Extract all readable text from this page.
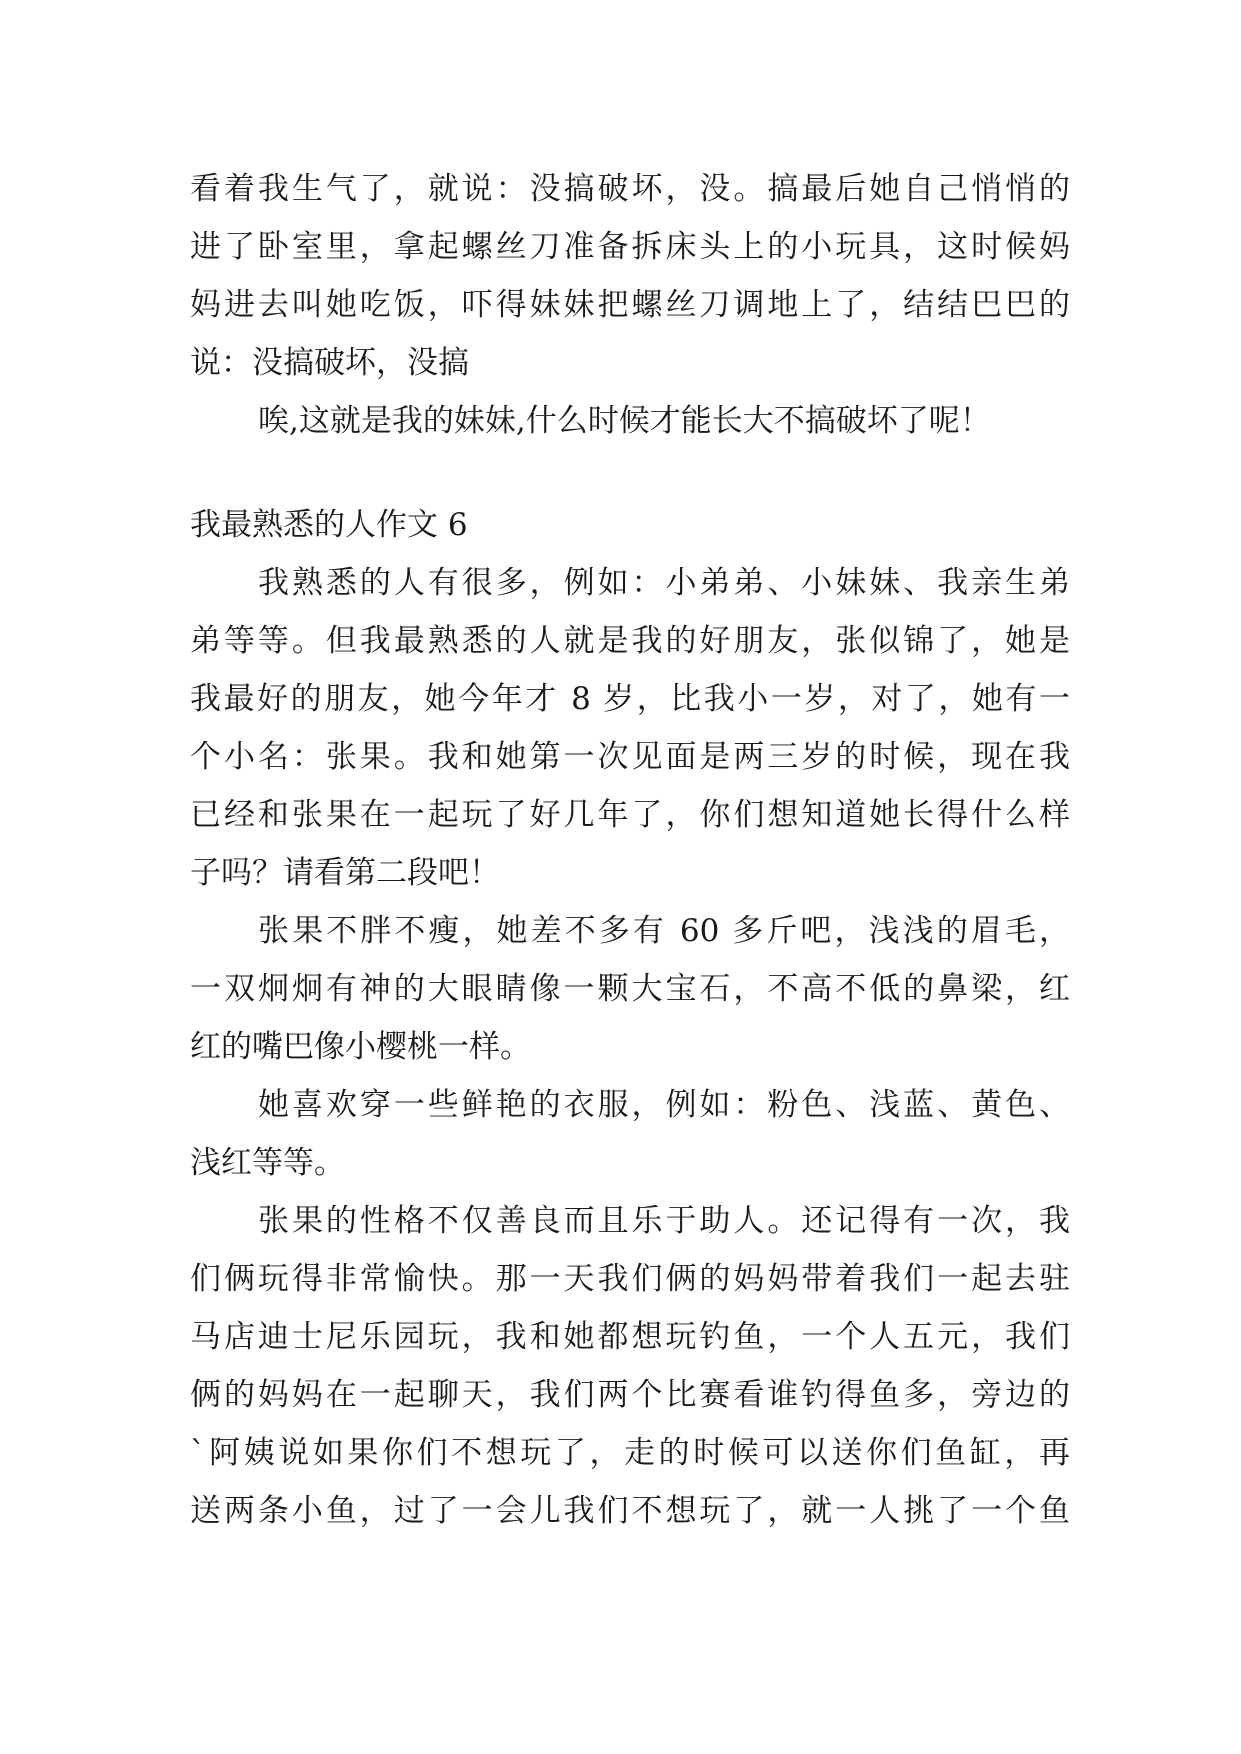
看着我生气了，就说：没搞破坏，没。搞最后她自己悄悄的
进了卧室里，拿起螺丝刀准备拆床头上的小玩具，这时候妈
妈进去叫她吃饭，吓得妹妹把螺丝刀调地上了，结结巴巴的
说：没搞破坏，没搞
唉,这就是我的妹妹,什么时候才能长大不搞破坏了呢！
我最熟悉的人作文 6
我熟悉的人有很多，例如：小弟弟、小妹妹、我亲生弟
弟等等。但我最熟悉的人就是我的好朋友，张似锦了，她是
我最好的朋友，她今年才 8 岁，比我小一岁，对了，她有一
个小名：张果。我和她第一次见面是两三岁的时候，现在我
已经和张果在一起玩了好几年了，你们想知道她长得什么样
子吗？请看第二段吧！
张果不胖不瘦，她差不多有 60 多斤吧，浅浅的眉毛，
一双炯炯有神的大眼睛像一颗大宝石，不高不低的鼻梁，红
红的嘴巴像小樱桃一样。
她喜欢穿一些鲜艳的衣服，例如：粉色、浅蓝、黄色、
浅红等等。
张果的性格不仅善良而且乐于助人。还记得有一次，我
们俩玩得非常愉快。那一天我们俩的妈妈带着我们一起去驻
马店迪士尼乐园玩，我和她都想玩钓鱼，一个人五元，我们
俩的妈妈在一起聊天，我们两个比赛看谁钓得鱼多，旁边的
`阿姨说如果你们不想玩了，走的时候可以送你们鱼缸，再
送两条小鱼，过了一会儿我们不想玩了，就一人挑了一个鱼
